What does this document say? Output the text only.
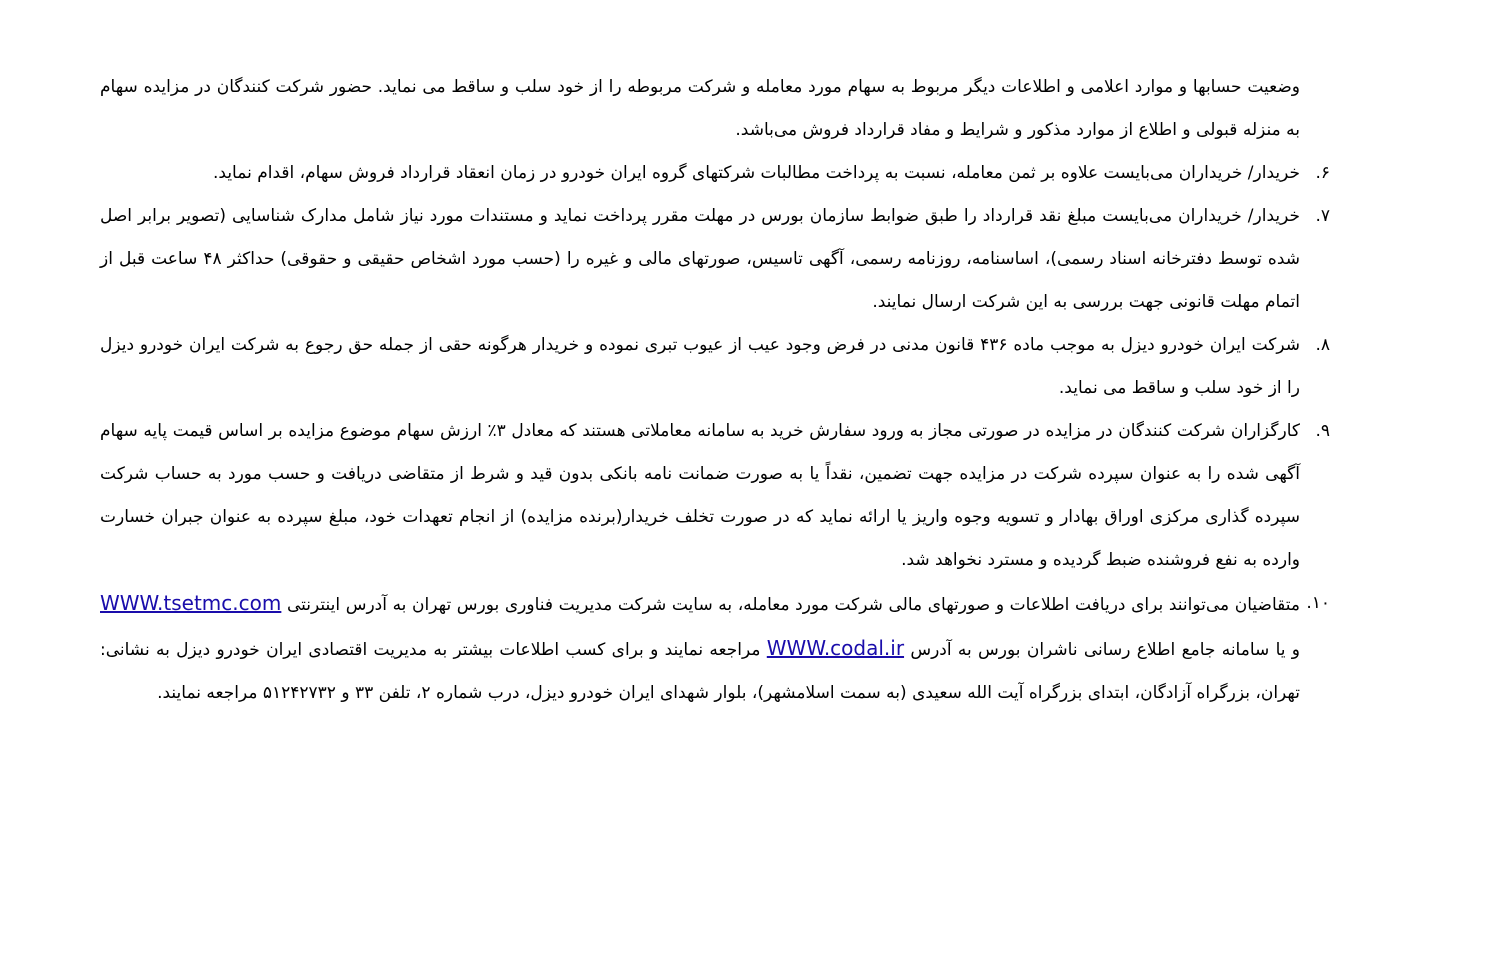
وضعیت حسابها و موارد اعلامی و اطلاعات دیگر مربوط به سهام مورد معامله و شرکت مربوطه را از خود سلب و ساقط می نماید. حضور شرکت کنندگان در مزایده سهام به منزله قبولی و اطلاع از موارد مذکور و شرایط و مفاد قرارداد فروش می‌باشد.

۶.
خریدار/ خریداران می‌بایست علاوه بر ثمن معامله، نسبت به پرداخت مطالبات شرکتهای گروه ایران خودرو در زمان انعقاد قرارداد فروش سهام، اقدام نماید.
۷.
خریدار/ خریداران می‌بایست مبلغ نقد قرارداد را طبق ضوابط سازمان بورس در مهلت مقرر پرداخت نماید و مستندات مورد نیاز شامل مدارک شناسایی (تصویر برابر اصل شده توسط دفترخانه اسناد رسمی)، اساسنامه، روزنامه رسمی، آگهی تاسیس، صورتهای مالی و غیره را (حسب مورد اشخاص حقیقی و حقوقی) حداکثر ۴۸ ساعت قبل از اتمام مهلت قانونی جهت بررسی به این شرکت ارسال نمایند.
۸.
شرکت ایران خودرو دیزل به موجب ماده ۴۳۶ قانون مدنی در فرض وجود عیب از عیوب تبری نموده و خریدار هرگونه حقی از جمله حق رجوع به شرکت ایران خودرو دیزل را از خود سلب و ساقط می نماید.
۹.
کارگزاران شرکت کنندگان در مزایده در صورتی مجاز به ورود سفارش خرید به سامانه معاملاتی هستند که معادل ۳٪ ارزش سهام موضوع مزایده بر اساس قیمت پایه سهام آگهی شده را به عنوان سپرده شرکت در مزایده جهت تضمین، نقداً یا به صورت ضمانت نامه بانکی بدون قید و شرط از متقاضی دریافت و حسب مورد به حساب شرکت سپرده گذاری مرکزی اوراق بهادار و تسویه وجوه واریز یا ارائه نماید که در صورت تخلف خریدار(برنده مزایده) از انجام تعهدات خود، مبلغ سپرده به عنوان جبران خسارت وارده به نفع فروشنده ضبط گردیده و مسترد نخواهد شد.
۱۰.
متقاضیان می‌توانند برای دریافت اطلاعات و صورتهای مالی شرکت مورد معامله، به سایت شرکت مدیریت فناوری بورس تهران به آدرس اینترنتی WWW.tsetmc.com و یا سامانه جامع اطلاع رسانی ناشران بورس به آدرس WWW.codal.ir مراجعه نمایند و برای کسب اطلاعات بیشتر به مدیریت اقتصادی ایران خودرو دیزل به نشانی: تهران، بزرگراه آزادگان، ابتدای بزرگراه آیت الله سعیدی (به سمت اسلامشهر)، بلوار شهدای ایران خودرو دیزل، درب شماره ۲، تلفن ۳۳ و ۵۱۲۴۲۷۳۲ مراجعه نمایند.
